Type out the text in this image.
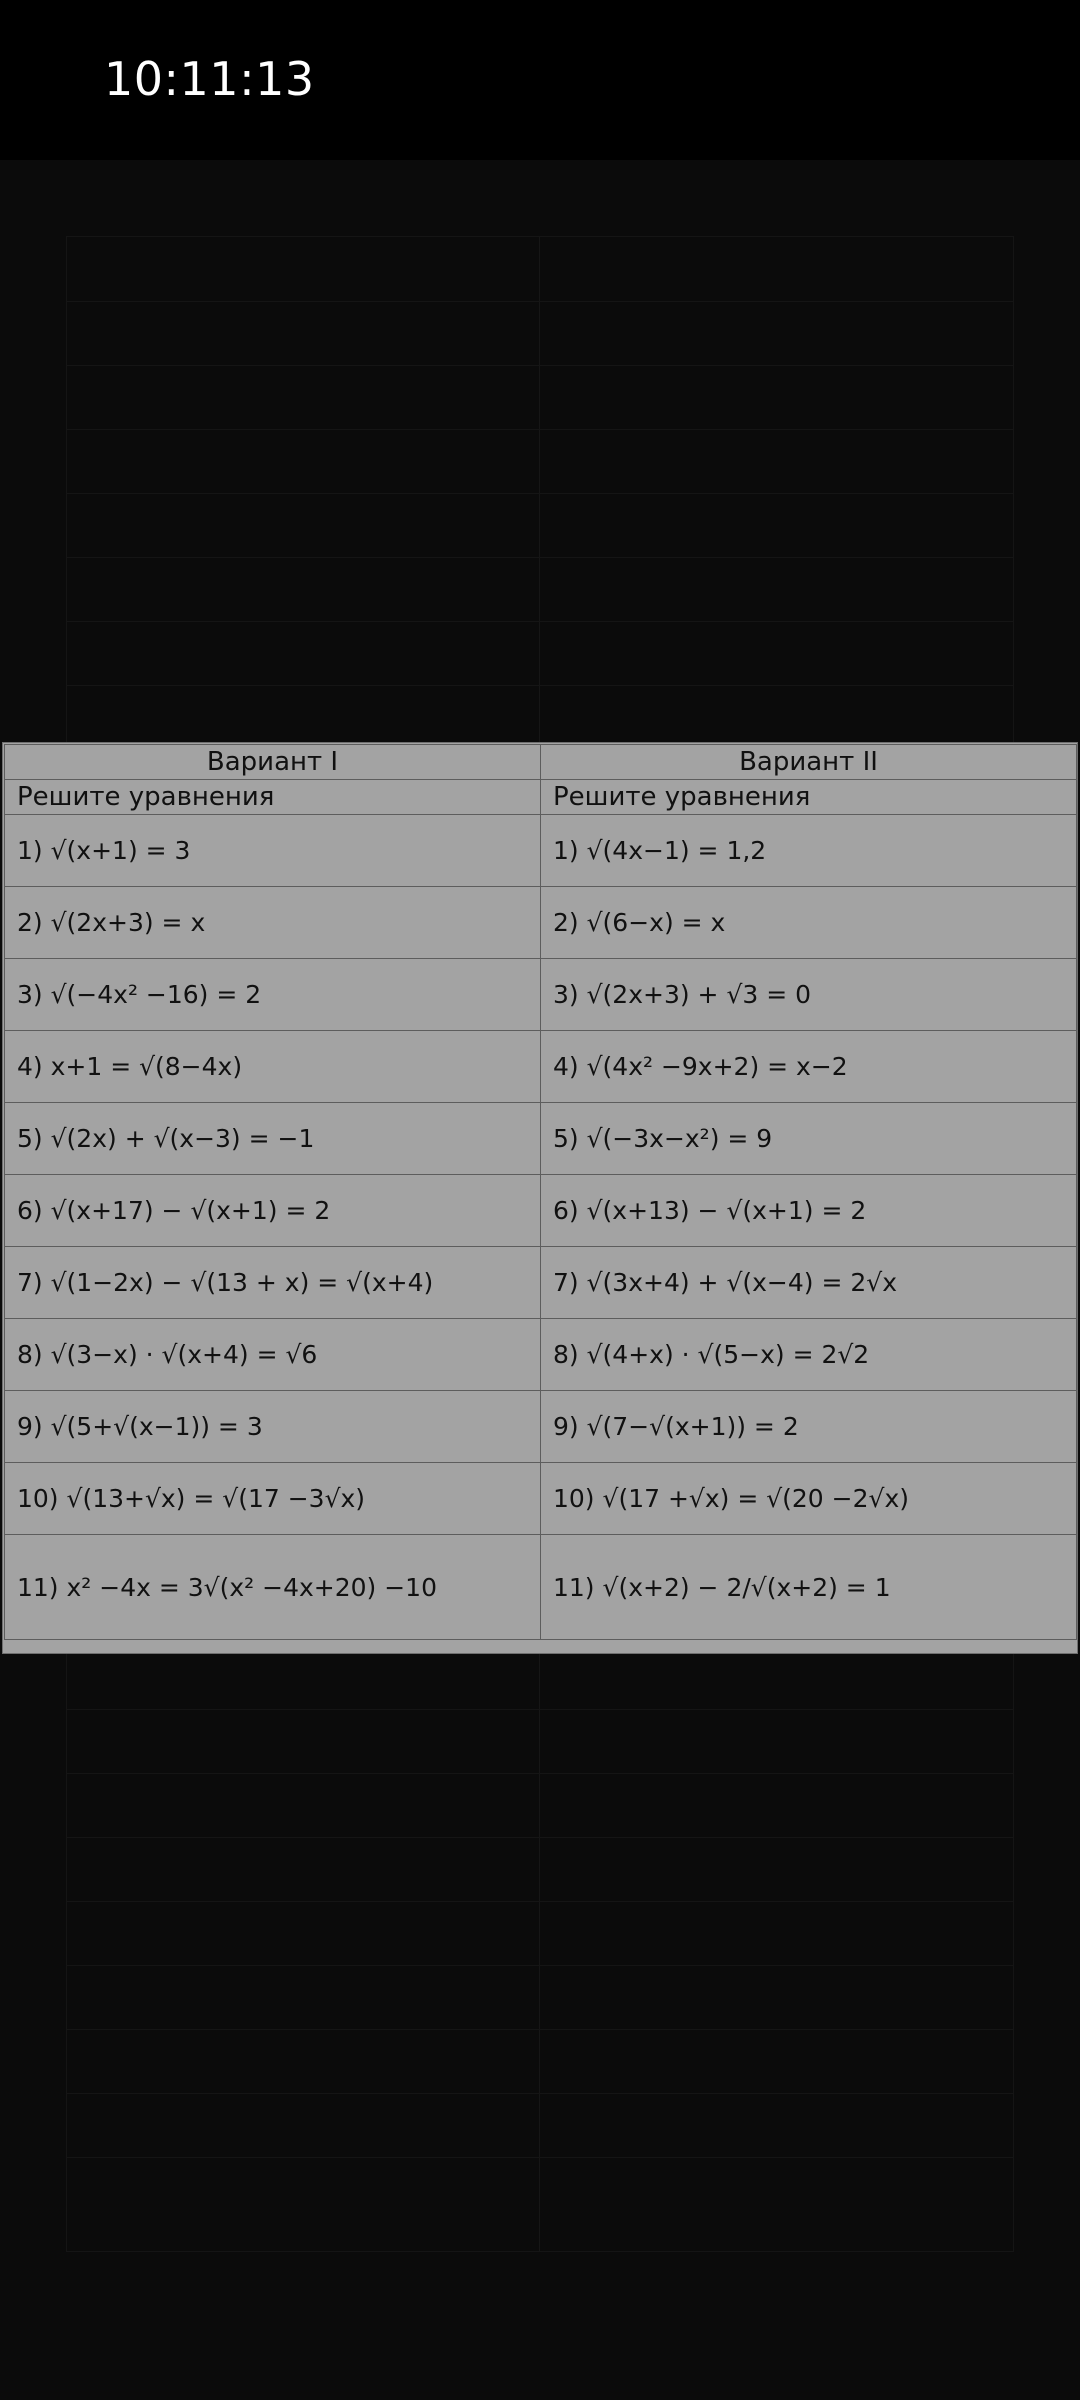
10:11:13
Вариант I	Вариант II
Решите уравнения	Решите уравнения
1) √(x+1) = 3	1) √(4x−1) = 1,2
2) √(2x+3) = x	2) √(6−x) = x
3) √(−4x² −16) = 2	3) √(2x+3) + √3 = 0
4) x+1 = √(8−4x)	4) √(4x² −9x+2) = x−2
5) √(2x) + √(x−3) = −1	5) √(−3x−x²) = 9
6) √(x+17) − √(x+1) = 2	6) √(x+13) − √(x+1) = 2
7) √(1−2x) − √(13 + x) = √(x+4)	7) √(3x+4) + √(x−4) = 2√x
8) √(3−x) · √(x+4) = √6	8) √(4+x) · √(5−x) = 2√2
9) √(5+√(x−1)) = 3	9) √(7−√(x+1)) = 2
10) √(13+√x) = √(17 −3√x)	10) √(17 +√x) = √(20 −2√x)
11) x² −4x = 3√(x² −4x+20) −10	11) √(x+2) − 2/√(x+2) = 1
